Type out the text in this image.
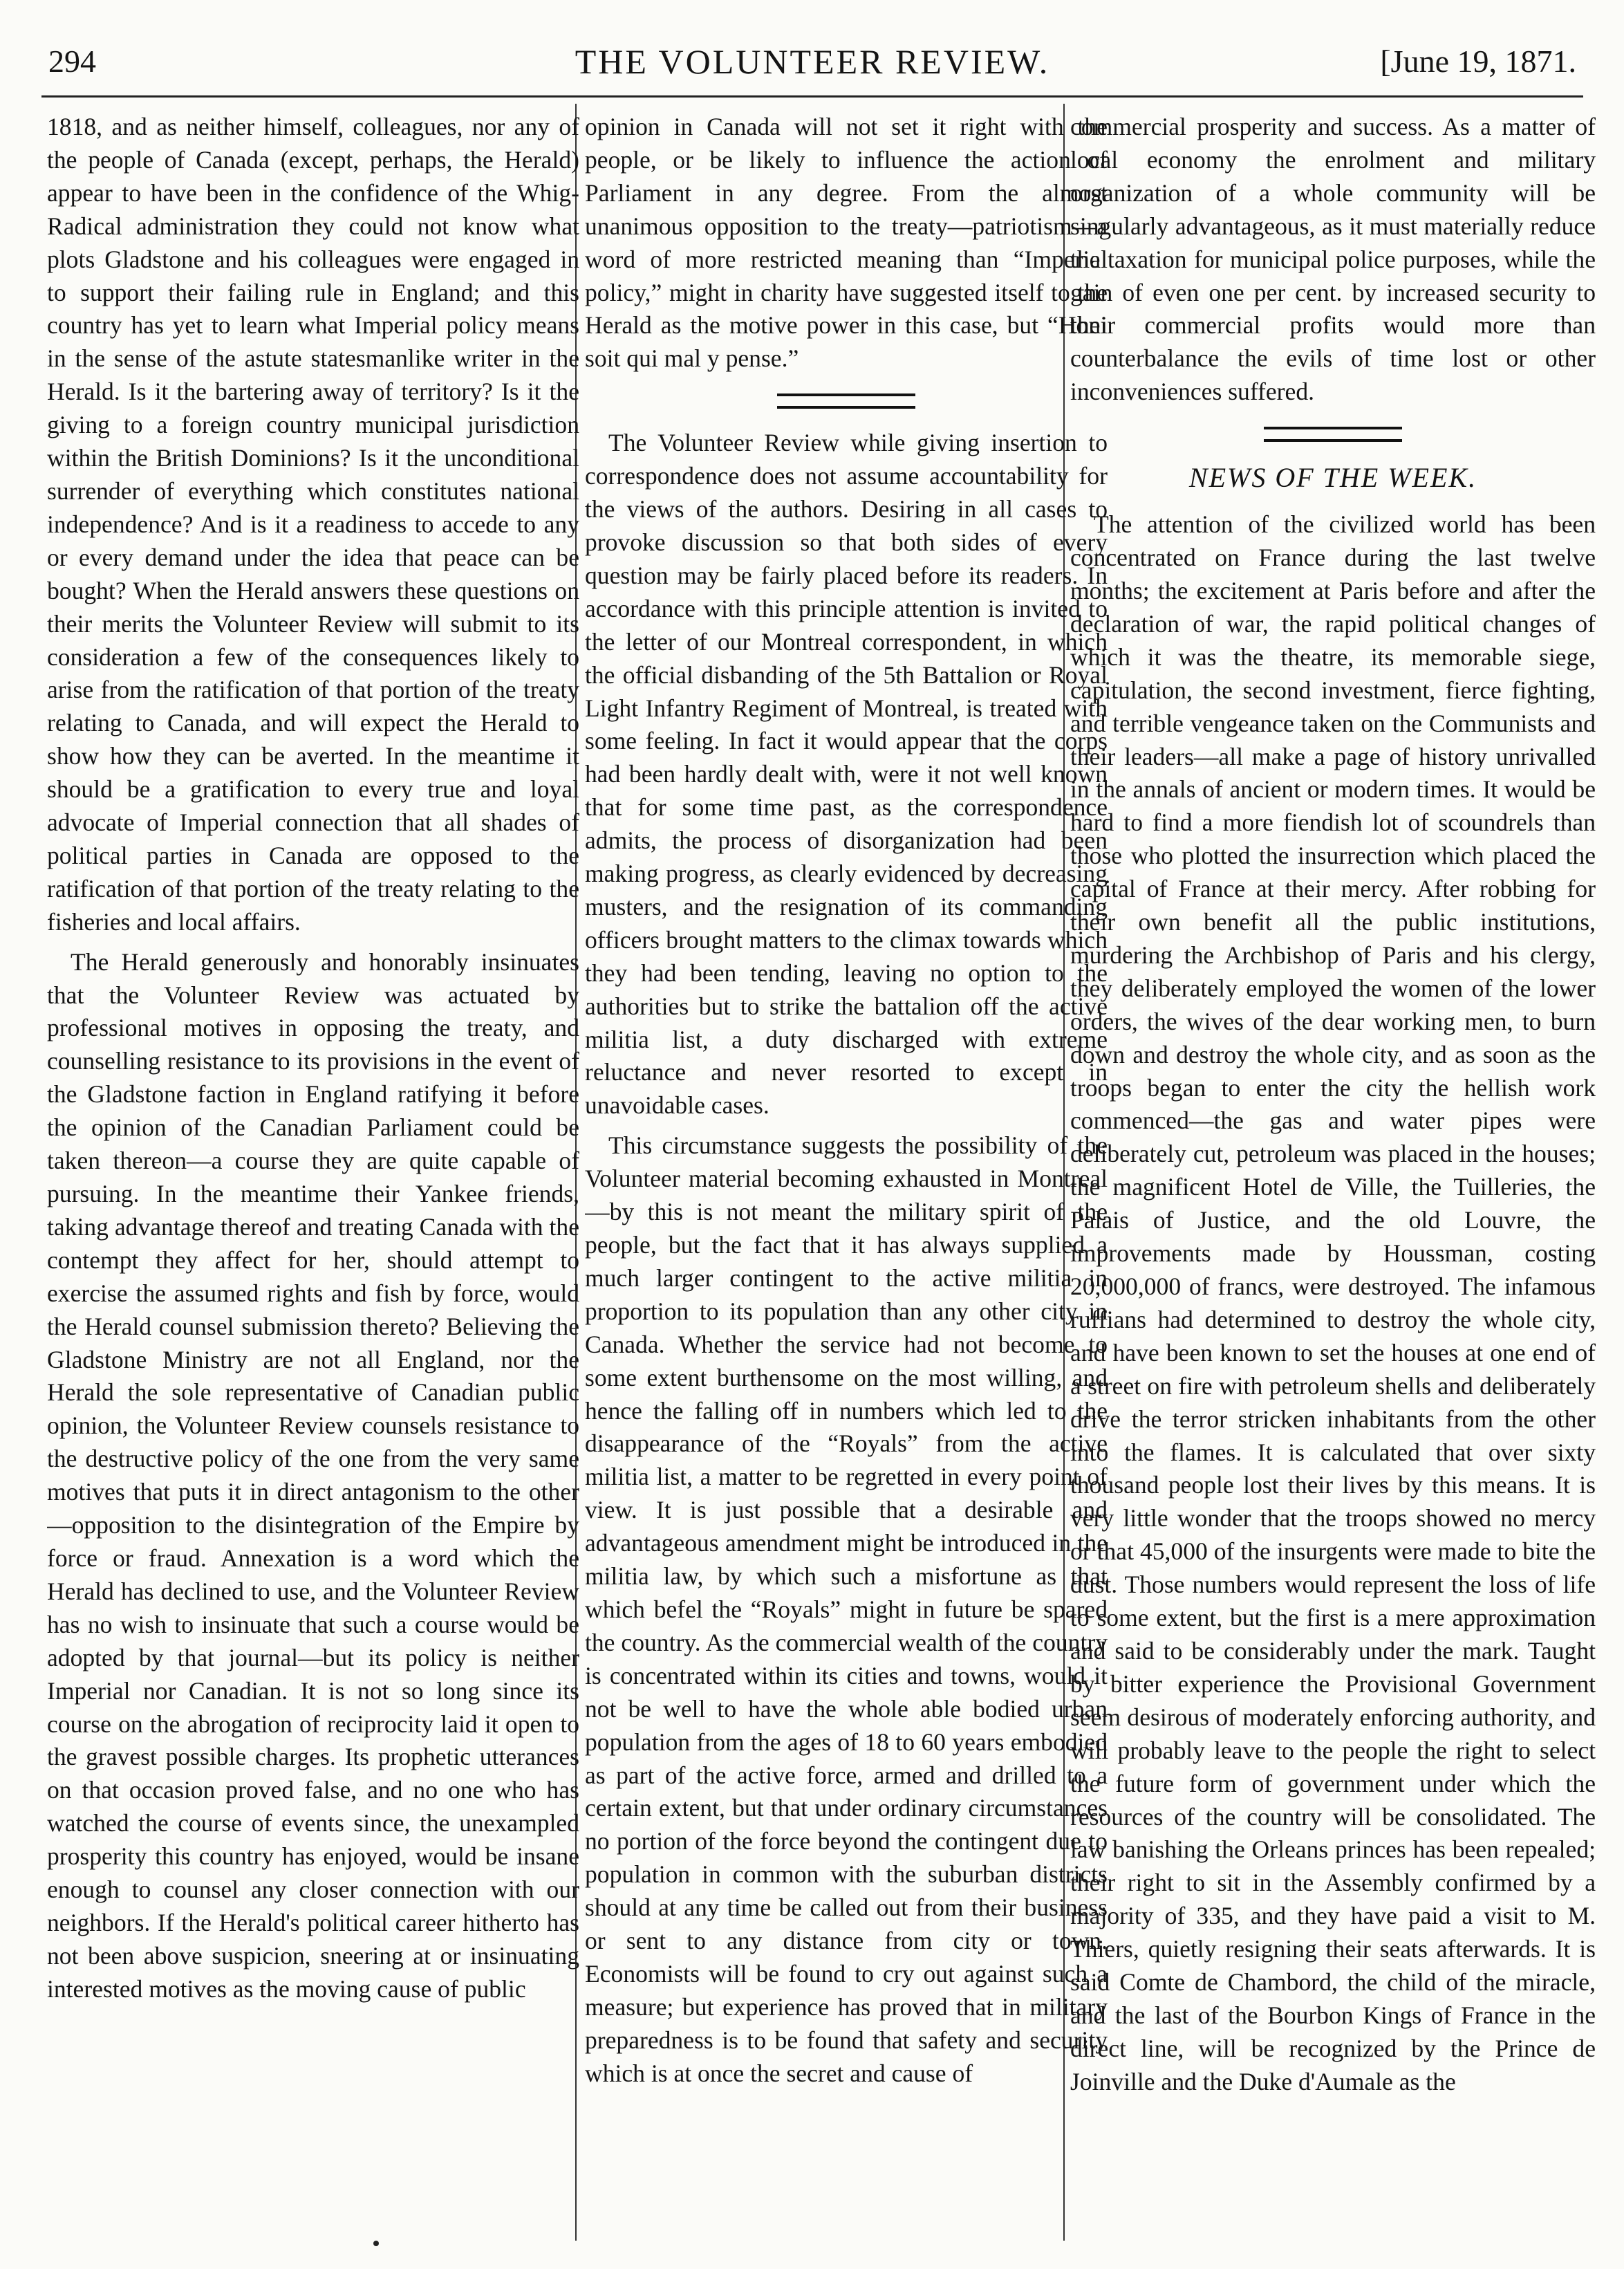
294	THE VOLUNTEER REVIEW.	[June 19, 1871.

1818, and as neither himself, colleagues, nor any of the people of Canada (except, perhaps, the Herald) appear to have been in the confidence of the Whig-Radical administration they could not know what plots Gladstone and his colleagues were engaged in to support their failing rule in England; and this country has yet to learn what Imperial policy means in the sense of the astute statesmanlike writer in the Herald. Is it the bartering away of territory? Is it the giving to a foreign country municipal jurisdiction within the British Dominions? Is it the unconditional surrender of everything which constitutes national independence? And is it a readiness to accede to any or every demand under the idea that peace can be bought? When the Herald answers these questions on their merits the Volunteer Review will submit to its consideration a few of the consequences likely to arise from the ratification of that portion of the treaty relating to Canada, and will expect the Herald to show how they can be averted. In the meantime it should be a gratification to every true and loyal advocate of Imperial connection that all shades of political parties in Canada are opposed to the ratification of that portion of the treaty relating to the fisheries and local affairs.

The Herald generously and honorably insinuates that the Volunteer Review was actuated by professional motives in opposing the treaty, and counselling resistance to its provisions in the event of the Gladstone faction in England ratifying it before the opinion of the Canadian Parliament could be taken thereon—a course they are quite capable of pursuing. In the meantime their Yankee friends, taking advantage thereof and treating Canada with the contempt they affect for her, should attempt to exercise the assumed rights and fish by force, would the Herald counsel submission thereto? Believing the Gladstone Ministry are not all England, nor the Herald the sole representative of Canadian public opinion, the Volunteer Review counsels resistance to the destructive policy of the one from the very same motives that puts it in direct antagonism to the other—opposition to the disintegration of the Empire by force or fraud. Annexation is a word which the Herald has declined to use, and the Volunteer Review has no wish to insinuate that such a course would be adopted by that journal—but its policy is neither Imperial nor Canadian. It is not so long since its course on the abrogation of reciprocity laid it open to the gravest possible charges. Its prophetic utterances on that occasion proved false, and no one who has watched the course of events since, the unexampled prosperity this country has enjoyed, would be insane enough to counsel any closer connection with our neighbors. If the Herald's political career hitherto has not been above suspicion, sneering at or insinuating interested motives as the moving cause of public

opinion in Canada will not set it right with the people, or be likely to influence the action of Parliament in any degree. From the almost unanimous opposition to the treaty—patriotism—a word of more restricted meaning than “Imperial policy,” might in charity have suggested itself to the Herald as the motive power in this case, but “Honi soit qui mal y pense.”

The Volunteer Review while giving insertion to correspondence does not assume accountability for the views of the authors. Desiring in all cases to provoke discussion so that both sides of every question may be fairly placed before its readers. In accordance with this principle attention is invited to the letter of our Montreal correspondent, in which the official disbanding of the 5th Battalion or Royal Light Infantry Regiment of Montreal, is treated with some feeling. In fact it would appear that the corps had been hardly dealt with, were it not well known that for some time past, as the correspondence admits, the process of disorganization had been making progress, as clearly evidenced by decreasing musters, and the resignation of its commanding officers brought matters to the climax towards which they had been tending, leaving no option to the authorities but to strike the battalion off the active militia list, a duty discharged with extreme reluctance and never resorted to except in unavoidable cases.

This circumstance suggests the possibility of the Volunteer material becoming exhausted in Montreal—by this is not meant the military spirit of the people, but the fact that it has always supplied a much larger contingent to the active militia in proportion to its population than any other city in Canada. Whether the service had not become to some extent burthensome on the most willing, and hence the falling off in numbers which led to the disappearance of the “Royals” from the active militia list, a matter to be regretted in every point of view. It is just possible that a desirable and advantageous amendment might be introduced in the militia law, by which such a misfortune as that which befel the “Royals” might in future be spared the country. As the commercial wealth of the country is concentrated within its cities and towns, would it not be well to have the whole able bodied urban population from the ages of 18 to 60 years embodied as part of the active force, armed and drilled to a certain extent, but that under ordinary circumstances no portion of the force beyond the contingent due to population in common with the suburban districts should at any time be called out from their business or sent to any distance from city or town. Economists will be found to cry out against such a measure; but experience has proved that in military preparedness is to be found that safety and security which is at once the secret and cause of

commercial prosperity and success. As a matter of local economy the enrolment and military organization of a whole community will be singularly advantageous, as it must materially reduce the taxation for municipal police purposes, while the gain of even one per cent. by increased security to their commercial profits would more than counterbalance the evils of time lost or other inconveniences suffered.

NEWS OF THE WEEK.

The attention of the civilized world has been concentrated on France during the last twelve months; the excitement at Paris before and after the declaration of war, the rapid political changes of which it was the theatre, its memorable siege, capitulation, the second investment, fierce fighting, and terrible vengeance taken on the Communists and their leaders—all make a page of history unrivalled in the annals of ancient or modern times. It would be hard to find a more fiendish lot of scoundrels than those who plotted the insurrection which placed the capital of France at their mercy. After robbing for their own benefit all the public institutions, murdering the Archbishop of Paris and his clergy, they deliberately employed the women of the lower orders, the wives of the dear working men, to burn down and destroy the whole city, and as soon as the troops began to enter the city the hellish work commenced—the gas and water pipes were deliberately cut, petroleum was placed in the houses; the magnificent Hotel de Ville, the Tuilleries, the Palais of Justice, and the old Louvre, the improvements made by Houssman, costing 20,000,000 of francs, were destroyed. The infamous ruffians had determined to destroy the whole city, and have been known to set the houses at one end of a street on fire with petroleum shells and deliberately drive the terror stricken inhabitants from the other into the flames. It is calculated that over sixty thousand people lost their lives by this means. It is very little wonder that the troops showed no mercy or that 45,000 of the insurgents were made to bite the dust. Those numbers would represent the loss of life to some extent, but the first is a mere approximation and said to be considerably under the mark. Taught by bitter experience the Provisional Government seem desirous of moderately enforcing authority, and will probably leave to the people the right to select the future form of government under which the resources of the country will be consolidated. The law banishing the Orleans princes has been repealed; their right to sit in the Assembly confirmed by a majority of 335, and they have paid a visit to M. Thiers, quietly resigning their seats afterwards. It is said Comte de Chambord, the child of the miracle, and the last of the Bourbon Kings of France in the direct line, will be recognized by the Prince de Joinville and the Duke d'Aumale as the
